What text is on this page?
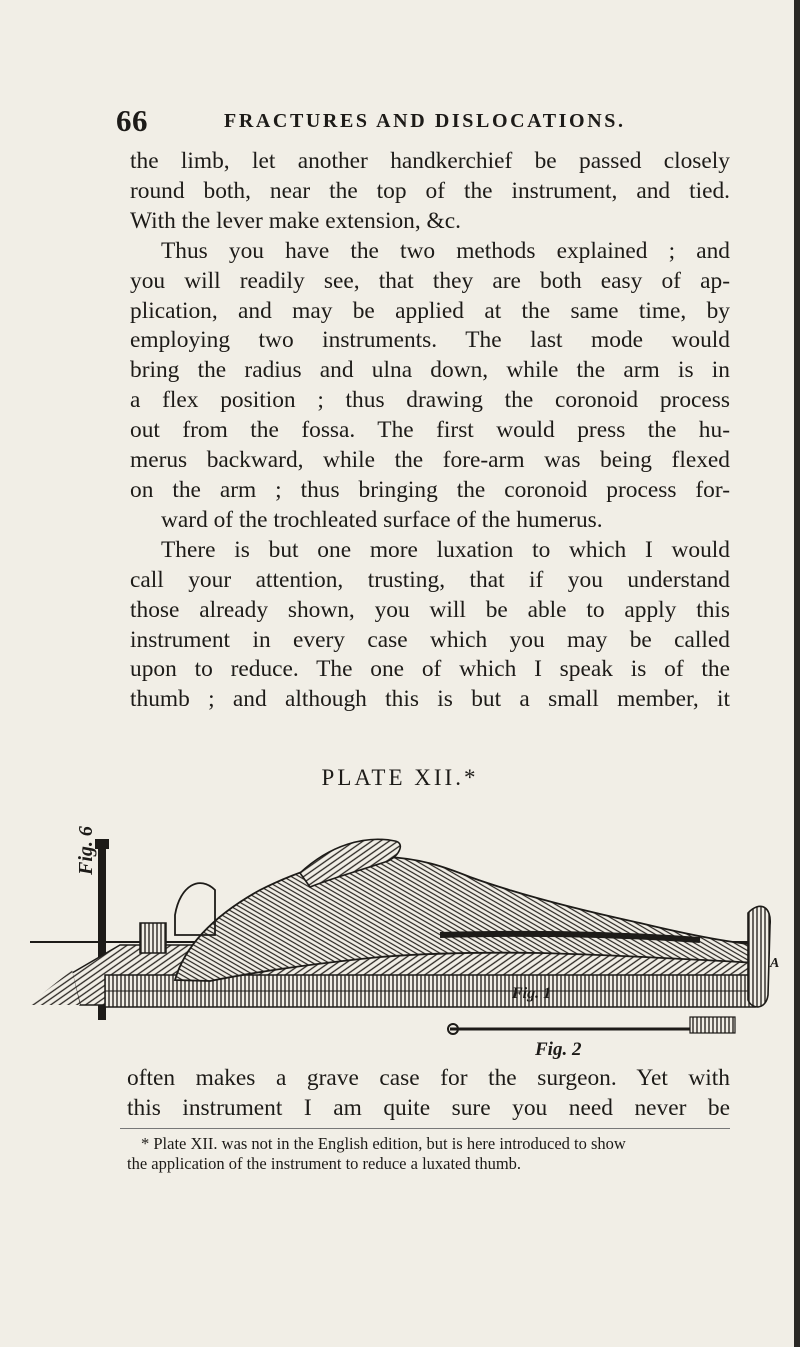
66	FRACTURES AND DISLOCATIONS.

the limb, let another handkerchief be passed closely
round both, near the top of the instrument, and tied.
With the lever make extension, &c.

Thus you have the two methods explained ; and
you will readily see, that they are both easy of ap-
plication, and may be applied at the same time, by
employing two instruments. The last mode would
bring the radius and ulna down, while the arm is in
a flex position ; thus drawing the coronoid process
out from the fossa. The first would press the hu-
merus backward, while the fore-arm was being flexed
on the arm ; thus bringing the coronoid process for-
ward of the trochleated surface of the humerus.

There is but one more luxation to which I would
call your attention, trusting, that if you understand
those already shown, you will be able to apply this
instrument in every case which you may be called
upon to reduce. The one of which I speak is of the
thumb ; and although this is but a small member, it

PLATE XII.*
Fig. 6
Fig. 1
Fig. 2
A

often makes a grave case for the surgeon. Yet with
this instrument I am quite sure you need never be

* Plate XII. was not in the English edition, but is here introduced to show
the application of the instrument to reduce a luxated thumb.
